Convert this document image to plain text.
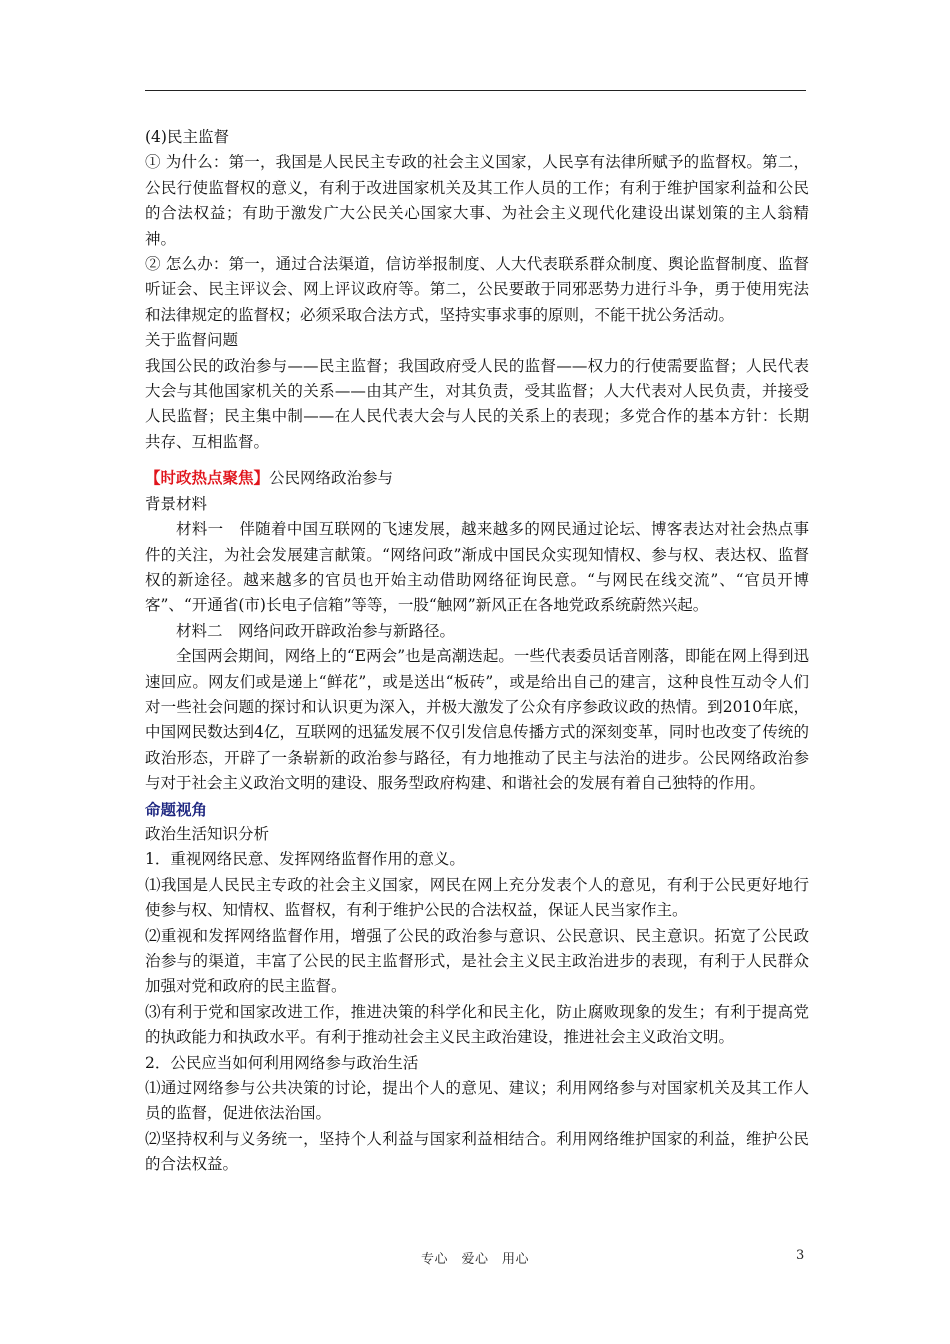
(4)民主监督

① 为什么：第一，我国是人民民主专政的社会主义国家，人民享有法律所赋予的监督权。第二，公民行使监督权的意义，有利于改进国家机关及其工作人员的工作；有利于维护国家利益和公民的合法权益；有助于激发广大公民关心国家大事、为社会主义现代化建设出谋划策的主人翁精神。

② 怎么办：第一，通过合法渠道，信访举报制度、人大代表联系群众制度、舆论监督制度、监督听证会、民主评议会、网上评议政府等。第二，公民要敢于同邪恶势力进行斗争，勇于使用宪法和法律规定的监督权；必须采取合法方式，坚持实事求事的原则，不能干扰公务活动。

关于监督问题

我国公民的政治参与——民主监督；我国政府受人民的监督——权力的行使需要监督；人民代表大会与其他国家机关的关系——由其产生，对其负责，受其监督；人大代表对人民负责，并接受人民监督；民主集中制——在人民代表大会与人民的关系上的表现；多党合作的基本方针：长期共存、互相监督。

【时政热点聚焦】公民网络政治参与

背景材料

材料一　伴随着中国互联网的飞速发展，越来越多的网民通过论坛、博客表达对社会热点事件的关注，为社会发展建言献策。“网络问政”渐成中国民众实现知情权、参与权、表达权、监督权的新途径。越来越多的官员也开始主动借助网络征询民意。“与网民在线交流”、“官员开博客”、“开通省(市)长电子信箱”等等，一股“触网”新风正在各地党政系统蔚然兴起。

材料二　网络问政开辟政治参与新路径。

全国两会期间，网络上的“E两会”也是高潮迭起。一些代表委员话音刚落，即能在网上得到迅速回应。网友们或是递上“鲜花”，或是送出“板砖”，或是给出自己的建言，这种良性互动令人们对一些社会问题的探讨和认识更为深入，并极大激发了公众有序参政议政的热情。到2010年底，中国网民数达到4亿，互联网的迅猛发展不仅引发信息传播方式的深刻变革，同时也改变了传统的政治形态，开辟了一条崭新的政治参与路径，有力地推动了民主与法治的进步。公民网络政治参与对于社会主义政治文明的建设、服务型政府构建、和谐社会的发展有着自己独特的作用。

命题视角

政治生活知识分析

1．重视网络民意、发挥网络监督作用的意义。

⑴我国是人民民主专政的社会主义国家，网民在网上充分发表个人的意见，有利于公民更好地行使参与权、知情权、监督权，有利于维护公民的合法权益，保证人民当家作主。

⑵重视和发挥网络监督作用，增强了公民的政治参与意识、公民意识、民主意识。拓宽了公民政治参与的渠道，丰富了公民的民主监督形式，是社会主义民主政治进步的表现，有利于人民群众加强对党和政府的民主监督。

⑶有利于党和国家改进工作，推进决策的科学化和民主化，防止腐败现象的发生；有利于提高党的执政能力和执政水平。有利于推动社会主义民主政治建设，推进社会主义政治文明。

2．公民应当如何利用网络参与政治生活

⑴通过网络参与公共决策的讨论，提出个人的意见、建议；利用网络参与对国家机关及其工作人员的监督，促进依法治国。

⑵坚持权利与义务统一，坚持个人利益与国家利益相结合。利用网络维护国家的利益，维护公民的合法权益。

专心　爱心　用心	3
